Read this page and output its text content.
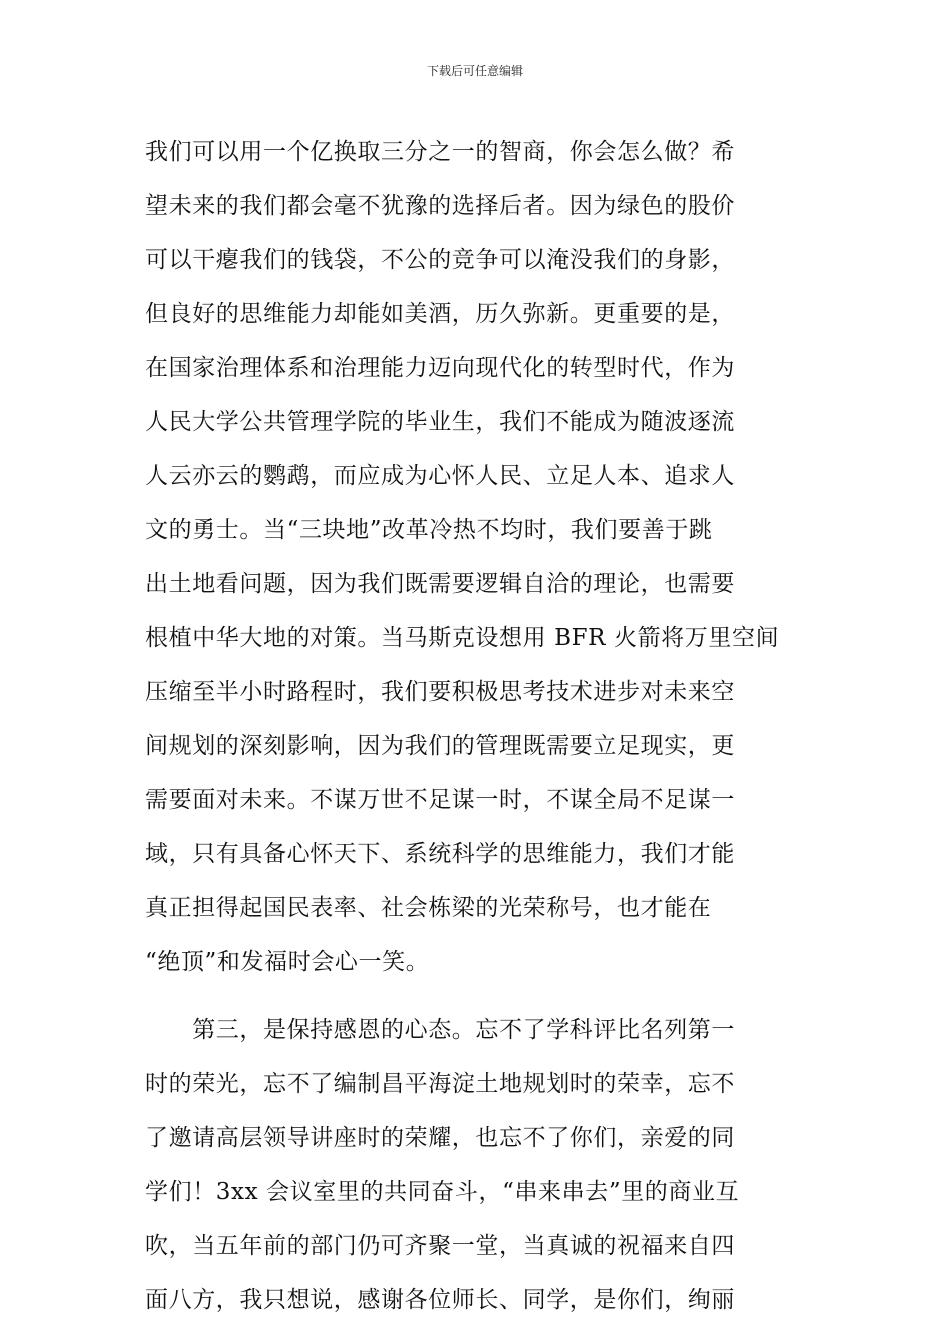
下载后可任意编辑
我们可以用一个亿换取三分之一的智商，你会怎么做？希
望未来的我们都会毫不犹豫的选择后者。因为绿色的股价
可以干瘪我们的钱袋，不公的竞争可以淹没我们的身影，
但良好的思维能力却能如美酒，历久弥新。更重要的是，
在国家治理体系和治理能力迈向现代化的转型时代，作为
人民大学公共管理学院的毕业生，我们不能成为随波逐流
人云亦云的鹦鹉，而应成为心怀人民、立足人本、追求人
文的勇士。当“三块地”改革冷热不均时，我们要善于跳
出土地看问题，因为我们既需要逻辑自洽的理论，也需要
根植中华大地的对策。当马斯克设想用 BFR 火箭将万里空间
压缩至半小时路程时，我们要积极思考技术进步对未来空
间规划的深刻影响，因为我们的管理既需要立足现实，更
需要面对未来。不谋万世不足谋一时，不谋全局不足谋一
域，只有具备心怀天下、系统科学的思维能力，我们才能
真正担得起国民表率、社会栋梁的光荣称号，也才能在
“绝顶”和发福时会心一笑。
　　第三，是保持感恩的心态。忘不了学科评比名列第一
时的荣光，忘不了编制昌平海淀土地规划时的荣幸，忘不
了邀请高层领导讲座时的荣耀，也忘不了你们，亲爱的同
学们！3xx 会议室里的共同奋斗，“串来串去”里的商业互
吹，当五年前的部门仍可齐聚一堂，当真诚的祝福来自四
面八方，我只想说，感谢各位师长、同学，是你们，绚丽
